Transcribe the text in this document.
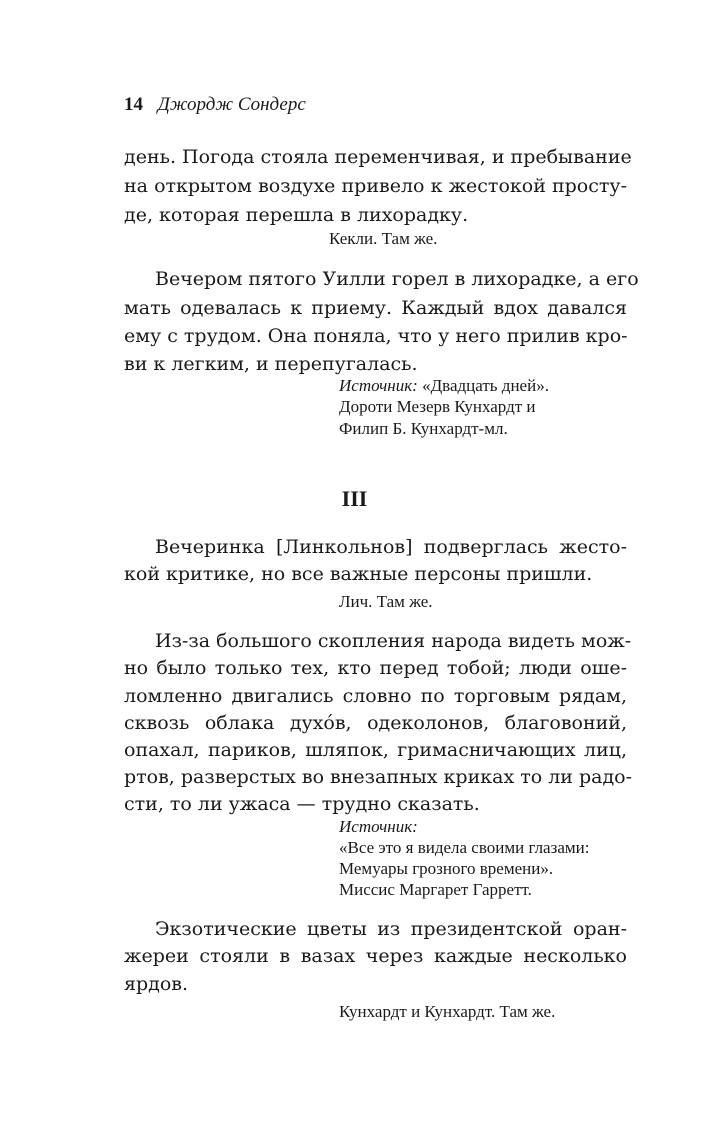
14 Джордж Сондерс
день. Погода стояла переменчивая, и пребывание
на открытом воздухе привело к жестокой просту-
де, которая перешла в лихорадку.
Кекли. Там же.
Вечером пятого Уилли горел в лихорадке, а его
мать одевалась к приему. Каждый вдох давался
ему с трудом. Она поняла, что у него прилив кро-
ви к легким, и перепугалась.
Источник: «Двадцать дней».
Дороти Мезерв Кунхардт и
Филип Б. Кунхардт-мл.
III
Вечеринка [Линкольнов] подверглась жесто-
кой критике, но все важные персоны пришли.
Лич. Там же.
Из-за большого скопления народа видеть мож-
но было только тех, кто перед тобой; люди оше-
ломленно двигались словно по торговым рядам,
сквозь облака духóв, одеколонов, благовоний,
опахал, париков, шляпок, гримасничающих лиц,
ртов, разверстых во внезапных криках то ли радо-
сти, то ли ужаса — трудно сказать.
Источник:
«Все это я видела своими глазами:
Мемуары грозного времени».
Миссис Маргарет Гарретт.
Экзотические цветы из президентской оран-
жереи стояли в вазах через каждые несколько
ярдов.
Кунхардт и Кунхардт. Там же.
